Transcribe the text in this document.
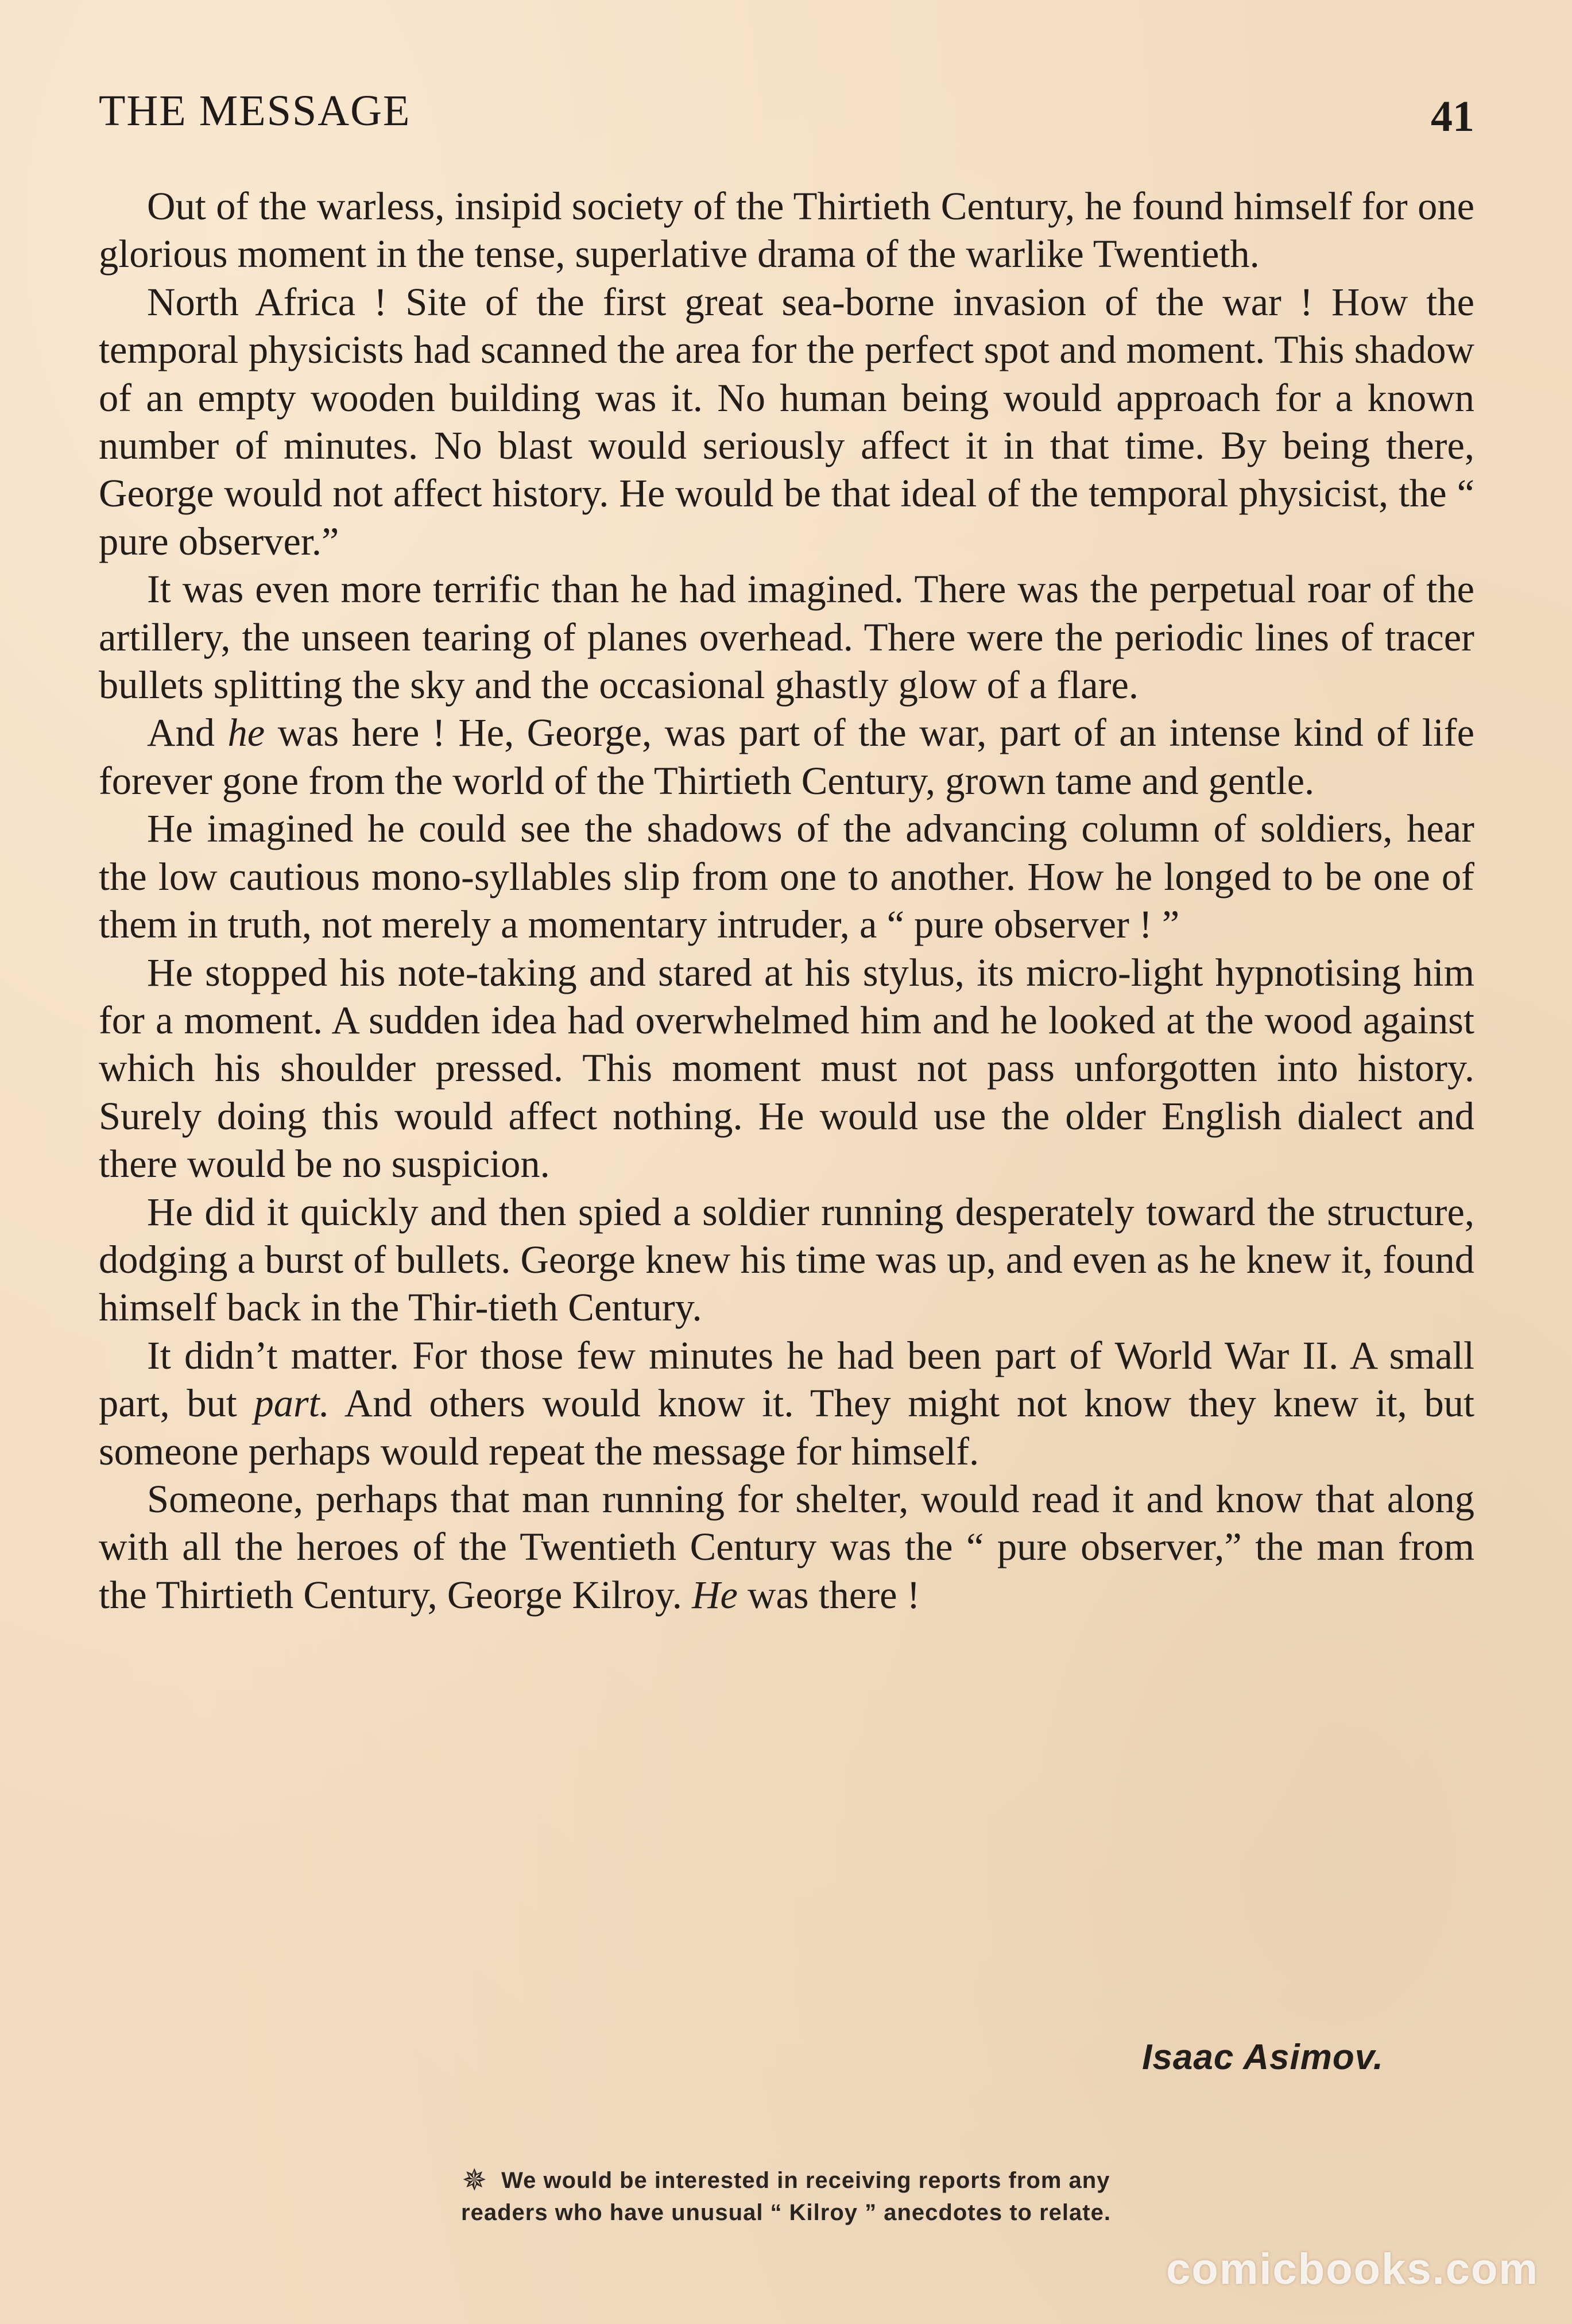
THE MESSAGE	41

Out of the warless, insipid society of the Thirtieth Century, he found himself for one glorious moment in the tense, superlative drama of the warlike Twentieth.

North Africa ! Site of the first great sea-borne invasion of the war ! How the temporal physicists had scanned the area for the perfect spot and moment. This shadow of an empty wooden building was it. No human being would approach for a known number of minutes. No blast would seriously affect it in that time. By being there, George would not affect history. He would be that ideal of the temporal physicist, the “ pure observer.”

It was even more terrific than he had imagined. There was the perpetual roar of the artillery, the unseen tearing of planes overhead. There were the periodic lines of tracer bullets splitting the sky and the occasional ghastly glow of a flare.

And he was here ! He, George, was part of the war, part of an intense kind of life forever gone from the world of the Thirtieth Century, grown tame and gentle.

He imagined he could see the shadows of the advancing column of soldiers, hear the low cautious mono-syllables slip from one to another. How he longed to be one of them in truth, not merely a momentary intruder, a “ pure observer ! ”

He stopped his note-taking and stared at his stylus, its micro-light hypnotising him for a moment. A sudden idea had overwhelmed him and he looked at the wood against which his shoulder pressed. This moment must not pass unforgotten into history. Surely doing this would affect nothing. He would use the older English dialect and there would be no suspicion.

He did it quickly and then spied a soldier running desperately toward the structure, dodging a burst of bullets. George knew his time was up, and even as he knew it, found himself back in the Thir-tieth Century.

It didn’t matter. For those few minutes he had been part of World War II. A small part, but part. And others would know it. They might not know they knew it, but someone perhaps would repeat the message for himself.

Someone, perhaps that man running for shelter, would read it and know that along with all the heroes of the Twentieth Century was the “ pure observer,” the man from the Thirtieth Century, George Kilroy. He was there !

Isaac Asimov.
✵ We would be interested in receiving reports from any
readers who have unusual “ Kilroy ” anecdotes to relate.
comicbooks.com
